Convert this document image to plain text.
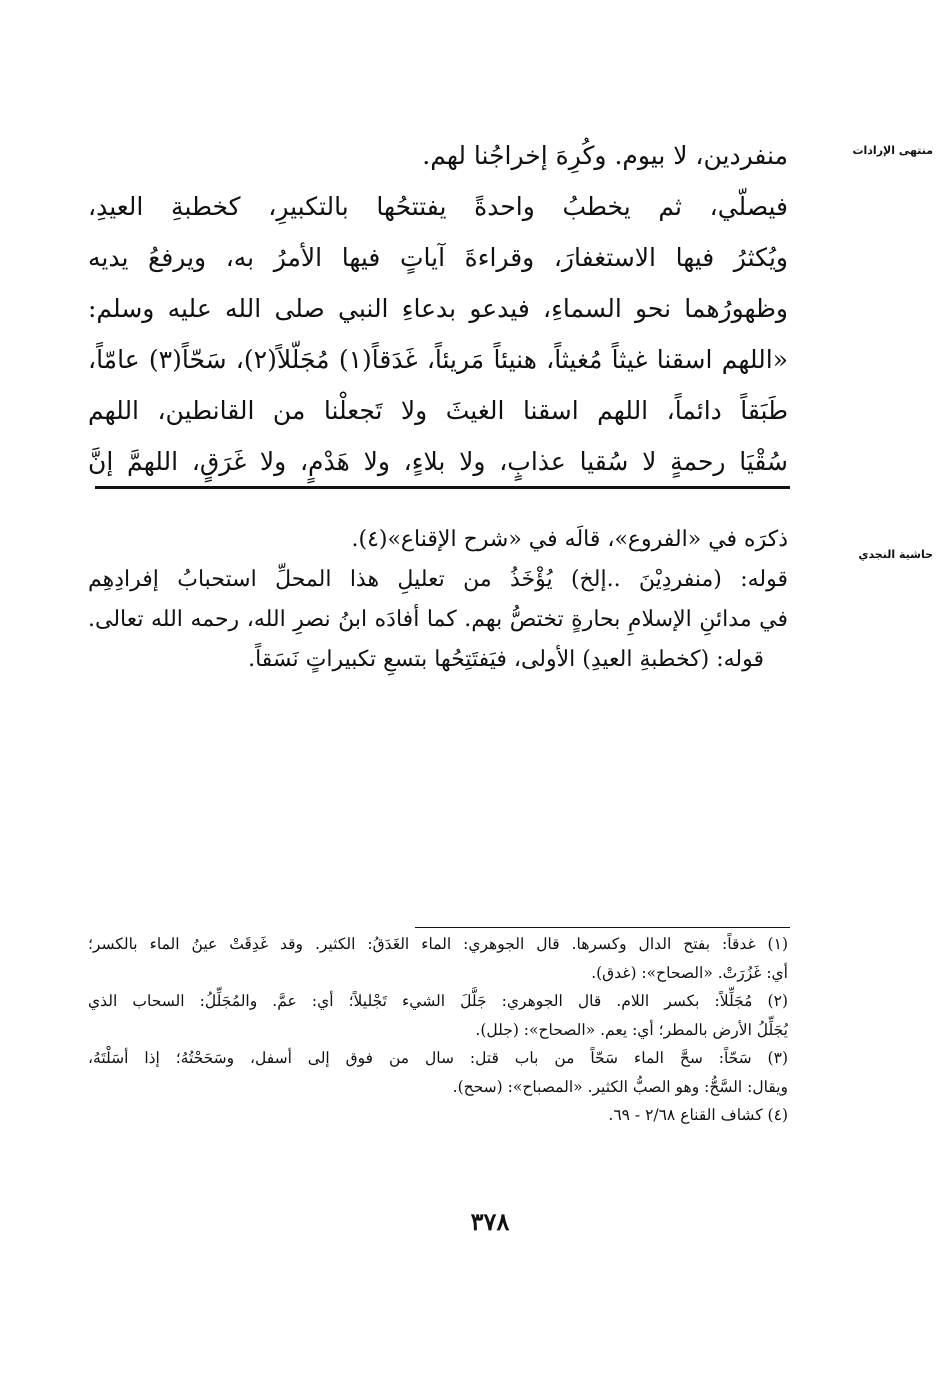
منتهى الإرادات
منفردين، لا بيوم. وكُرِهَ إخراجُنا لهم.
فيصلّي، ثم يخطبُ واحدةً يفتتحُها بالتكبيرِ، كخطبةِ العيدِ،
ويُكثرُ فيها الاستغفارَ، وقراءةَ آياتٍ فيها الأمرُ به، ويرفعُ يديه
وظهورُهما نحو السماءِ، فيدعو بدعاءِ النبي صلى الله عليه وسلم:
«اللهم اسقنا غيثاً مُغيثاً، هنيئاً مَريئاً، غَدَقاً(١) مُجَلّلاً(٢)، سَحّاً(٣) عامّاً،
طَبَقاً دائماً، اللهم اسقنا الغيثَ ولا تَجعلْنا من القانطين، اللهم
سُقْيَا رحمةٍ لا سُقيا عذابٍ، ولا بلاءٍ، ولا هَدْمٍ، ولا غَرَقٍ، اللهمَّ إنَّ
حاشية النجدي
ذكرَه في «الفروع»، قالَه في «شرح الإقناع»(٤).
قوله: (منفردِيْنَ ..إلخ) يُؤْخَذُ من تعليلِ هذا المحلِّ استحبابُ إفرادِهِم
في مدائنِ الإسلامِ بحارةٍ تختصُّ بهم. كما أفادَه ابنُ نصرِ الله، رحمه الله تعالى.
قوله: (كخطبةِ العيدِ) الأولى، فيَفتَتِحُها بتسعِ تكبيراتٍ نَسَقاً.
(١) غدقاً: بفتح الدال وكسرها. قال الجوهري: الماء الغَدَقُ: الكثير. وقد غَدِقَتْ عينُ الماء بالكسر؛
أي: غَزُرَتْ. «الصحاح»: (غدق).
(٢) مُجَلِّلاً: بكسر اللام. قال الجوهري: جَلَّلَ الشيء تَجْليلاً؛ أي: عمَّ. والمُجَلِّلُ: السحاب الذي
يُجَلِّلُ الأرض بالمطر؛ أي: يعم. «الصحاح»: (جلل).
(٣) سَحّاً: سحَّ الماء سَحّاً من باب قتل: سال من فوق إلى أسفل، وسَحَحْتُهُ؛ إذا أسَلْتَهُ،
ويقال: السَّحُّ: وهو الصبُّ الكثير. «المصباح»: (سحح).
(٤) كشاف القناع ٢/٦٨ - ٦٩.
٣٧٨
